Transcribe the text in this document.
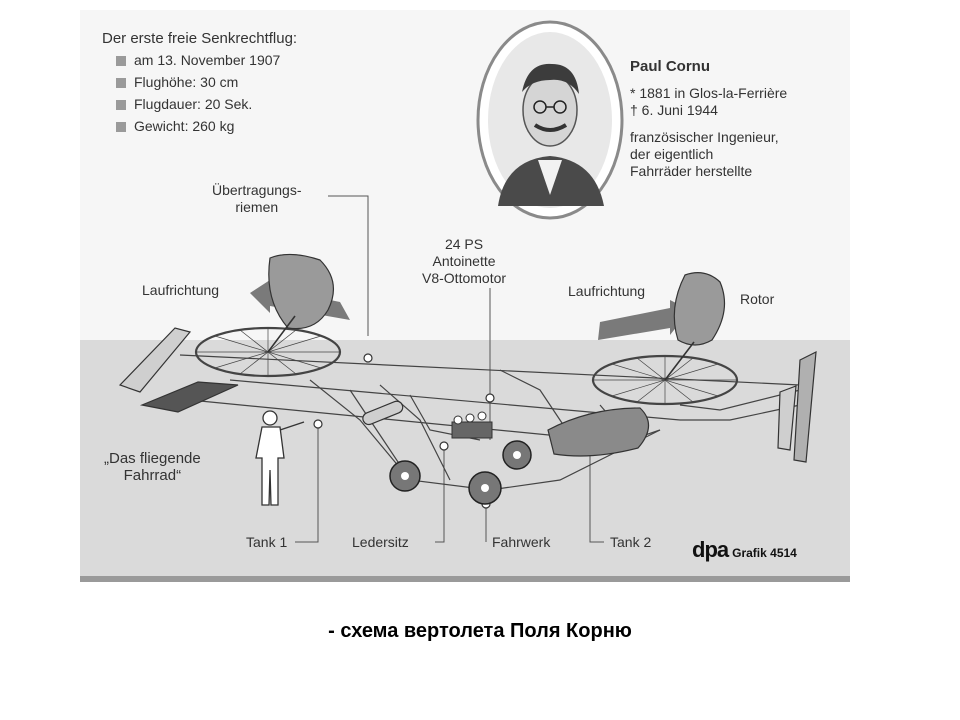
Der erste freie Senkrechtflug:
am 13. November 1907
Flughöhe: 30 cm
Flugdauer: 20 Sek.
Gewicht: 260 kg
Paul Cornu
* 1881 in Glos-la-Ferrière
† 6. Juni 1944
französischer Ingenieur,
der eigentlich
Fahrräder herstellte
Übertragungs-
riemen
24 PS
Antoinette
V8-Ottomotor
Laufrichtung	Laufrichtung	Rotor
„Das fliegende
Fahrrad“
Tank 1	Ledersitz	Fahrwerk	Tank 2 dpa Grafik 4514
- схема вертолета Поля Корню
